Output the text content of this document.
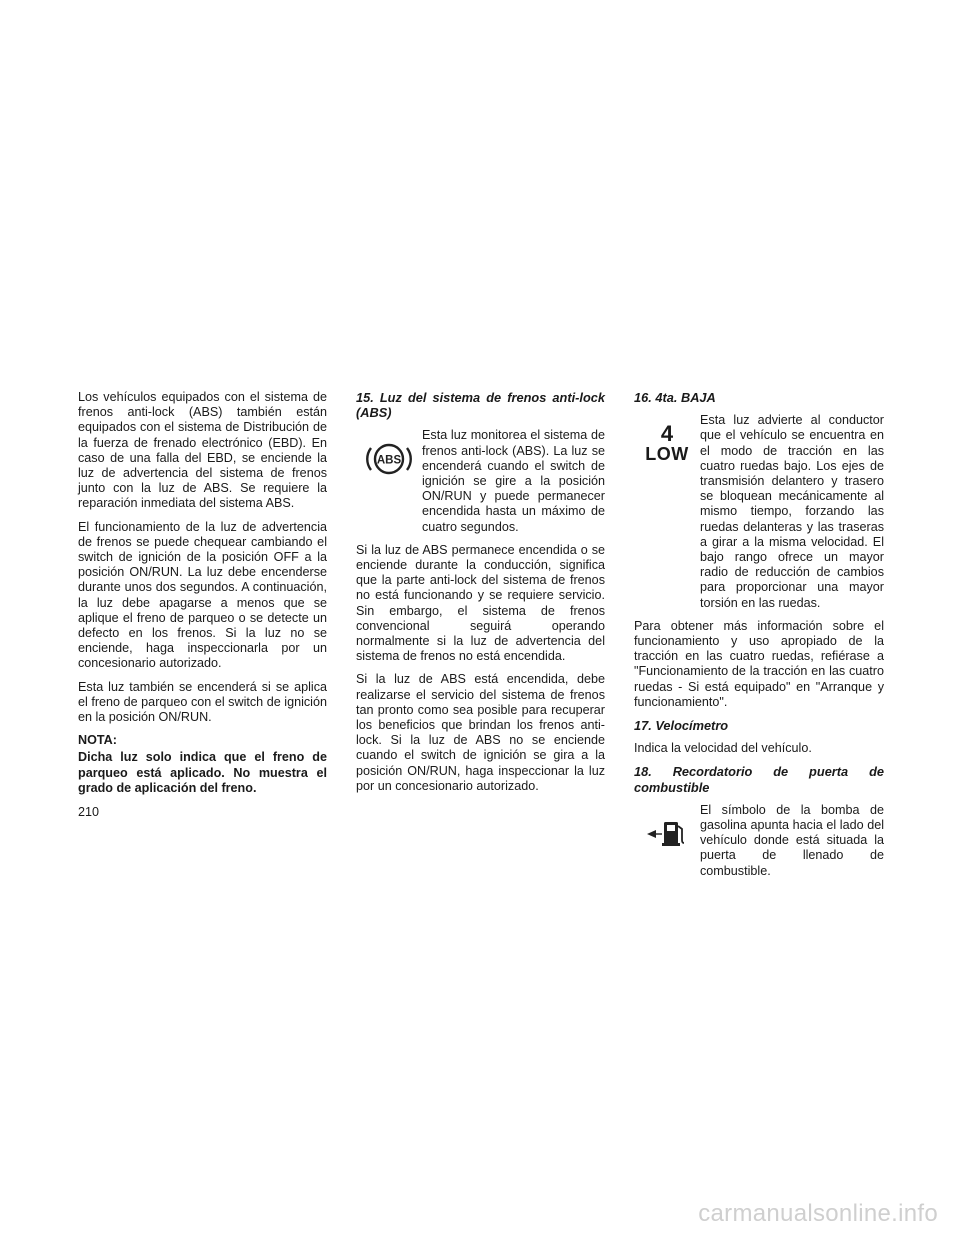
Los vehículos equipados con el sistema de frenos anti-lock (ABS) también están equipados con el sistema de Distribución de la fuerza de frenado electrónico (EBD). En caso de una falla del EBD, se enciende la luz de advertencia del sistema de frenos junto con la luz de ABS. Se requiere la reparación inmediata del sistema ABS.

El funcionamiento de la luz de advertencia de frenos se puede chequear cambiando el switch de ignición de la posición OFF a la posición ON/RUN. La luz debe encenderse durante unos dos segundos. A continuación, la luz debe apagarse a menos que se aplique el freno de parqueo o se detecte un defecto en los frenos. Si la luz no se enciende, haga inspeccionarla por un concesionario autorizado.

Esta luz también se encenderá si se aplica el freno de parqueo con el switch de ignición en la posición ON/RUN.

NOTA:

Dicha luz solo indica que el freno de parqueo está aplicado. No muestra el grado de aplicación del freno.

15. Luz del sistema de frenos anti-lock (ABS)

ABS
Esta luz monitorea el sistema de frenos anti-lock (ABS). La luz se encenderá cuando el switch de ignición se gire a la posición ON/RUN y puede permanecer encendida hasta un máximo de cuatro segundos.

Si la luz de ABS permanece encendida o se enciende durante la conducción, significa que la parte anti-lock del sistema de frenos no está funcionando y se requiere servicio. Sin embargo, el sistema de frenos convencional seguirá operando normalmente si la luz de advertencia del sistema de frenos no está encendida.

Si la luz de ABS está encendida, debe realizarse el servicio del sistema de frenos tan pronto como sea posible para recuperar los beneficios que brindan los frenos anti-lock. Si la luz de ABS no se enciende cuando el switch de ignición se gira a la posición ON/RUN, haga inspeccionar la luz por un concesionario autorizado.

16. 4ta. BAJA

4
LOW
Esta luz advierte al conductor que el vehículo se encuentra en el modo de tracción en las cuatro ruedas bajo. Los ejes de transmisión delantero y trasero se bloquean mecánicamente al mismo tiempo, forzando las ruedas delanteras y las traseras a girar a la misma velocidad. El bajo rango ofrece un mayor radio de reducción de cambios para proporcionar una mayor torsión en las ruedas.

Para obtener más información sobre el funcionamiento y uso apropiado de la tracción en las cuatro ruedas, refiérase a "Funcionamiento de la tracción en las cuatro ruedas - Si está equipado" en "Arranque y funcionamiento".

17. Velocímetro

Indica la velocidad del vehículo.

18. Recordatorio de puerta de combustible

El símbolo de la bomba de gasolina apunta hacia el lado del vehículo donde está situada la puerta de llenado de combustible.
210
carmanualsonline.info
